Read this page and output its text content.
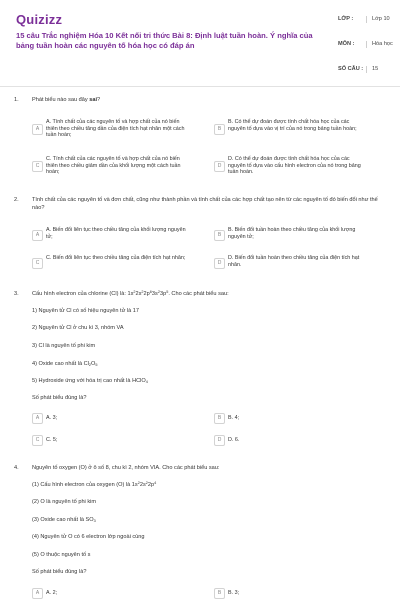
Quizizz
15 câu Trắc nghiệm Hóa 10 Kết nối tri thức Bài 8: Định luật tuần hoàn. Ý nghĩa của bảng tuần hoàn các nguyên tố hóa học có đáp án
LỚP :	Lớp 10
MÔN :	Hóa học
SỐ CÂU :	15
1. Phát biểu nào sau đây sai?
A
A. Tính chất của các nguyên tố và hợp chất của nó biến thiên theo chiều tăng dần của điện tích hạt nhân một cách tuần hoàn;
B
B. Có thể dự đoán được tính chất hóa học của các nguyên tố dựa vào vị trí của nó trong bảng tuần hoàn;
C
C. Tính chất của các nguyên tố và hợp chất của nó biến thiên theo chiều giảm dần của khối lượng một cách tuần hoàn;
D
D. Có thể dự đoán được tính chất hóa học của các nguyên tố dựa vào cấu hình electron của nó trong bảng tuần hoàn.
2. Tính chất của các nguyên tố và đơn chất, cũng như thành phần và tính chất của các hợp chất tạo nên từ các nguyên tố đó biến đổi như thế nào?
A
A. Biến đổi liên tục theo chiều tăng của khối lượng nguyên tử;	B
B. Biến đổi tuần hoàn theo chiều tăng của khối lượng nguyên tử;
C
C. Biến đổi liên tục theo chiều tăng của điện tích hạt nhân;
D
D. Biến đổi tuần hoàn theo chiều tăng của điện tích hạt nhân.
3. Cấu hình electron của chlorine (Cl) là: $1s^22s^22p^63s^23p^5$. Cho các phát biểu sau:
1) Nguyên tử Cl có số hiệu nguyên tử là 17
2) Nguyên tử Cl ở chu kì 3, nhóm VA
3) Cl là nguyên tố phi kim
4) Oxide cao nhất là $Cl_2O_5$
5) Hydroxide ứng với hóa trị cao nhất là HClO$_4$
Số phát biểu đúng là?
A	A. 3;	B	B. 4;
C	C. 5;	D	D. 6.
4. Nguyên tố oxygen (O) ở ô số 8, chu kì 2, nhóm VIA. Cho các phát biểu sau:
(1) Cấu hình electron của oxygen (O) là $1s^22s^22p^4$
(2) O là nguyên tố phi kim
(3) Oxide cao nhất là $SO_3$
(4) Nguyên tử O có 6 electron lớp ngoài cùng
(5) O thuộc nguyên tố s
Số phát biểu đúng là?
A	A. 2;	B	B. 3;
